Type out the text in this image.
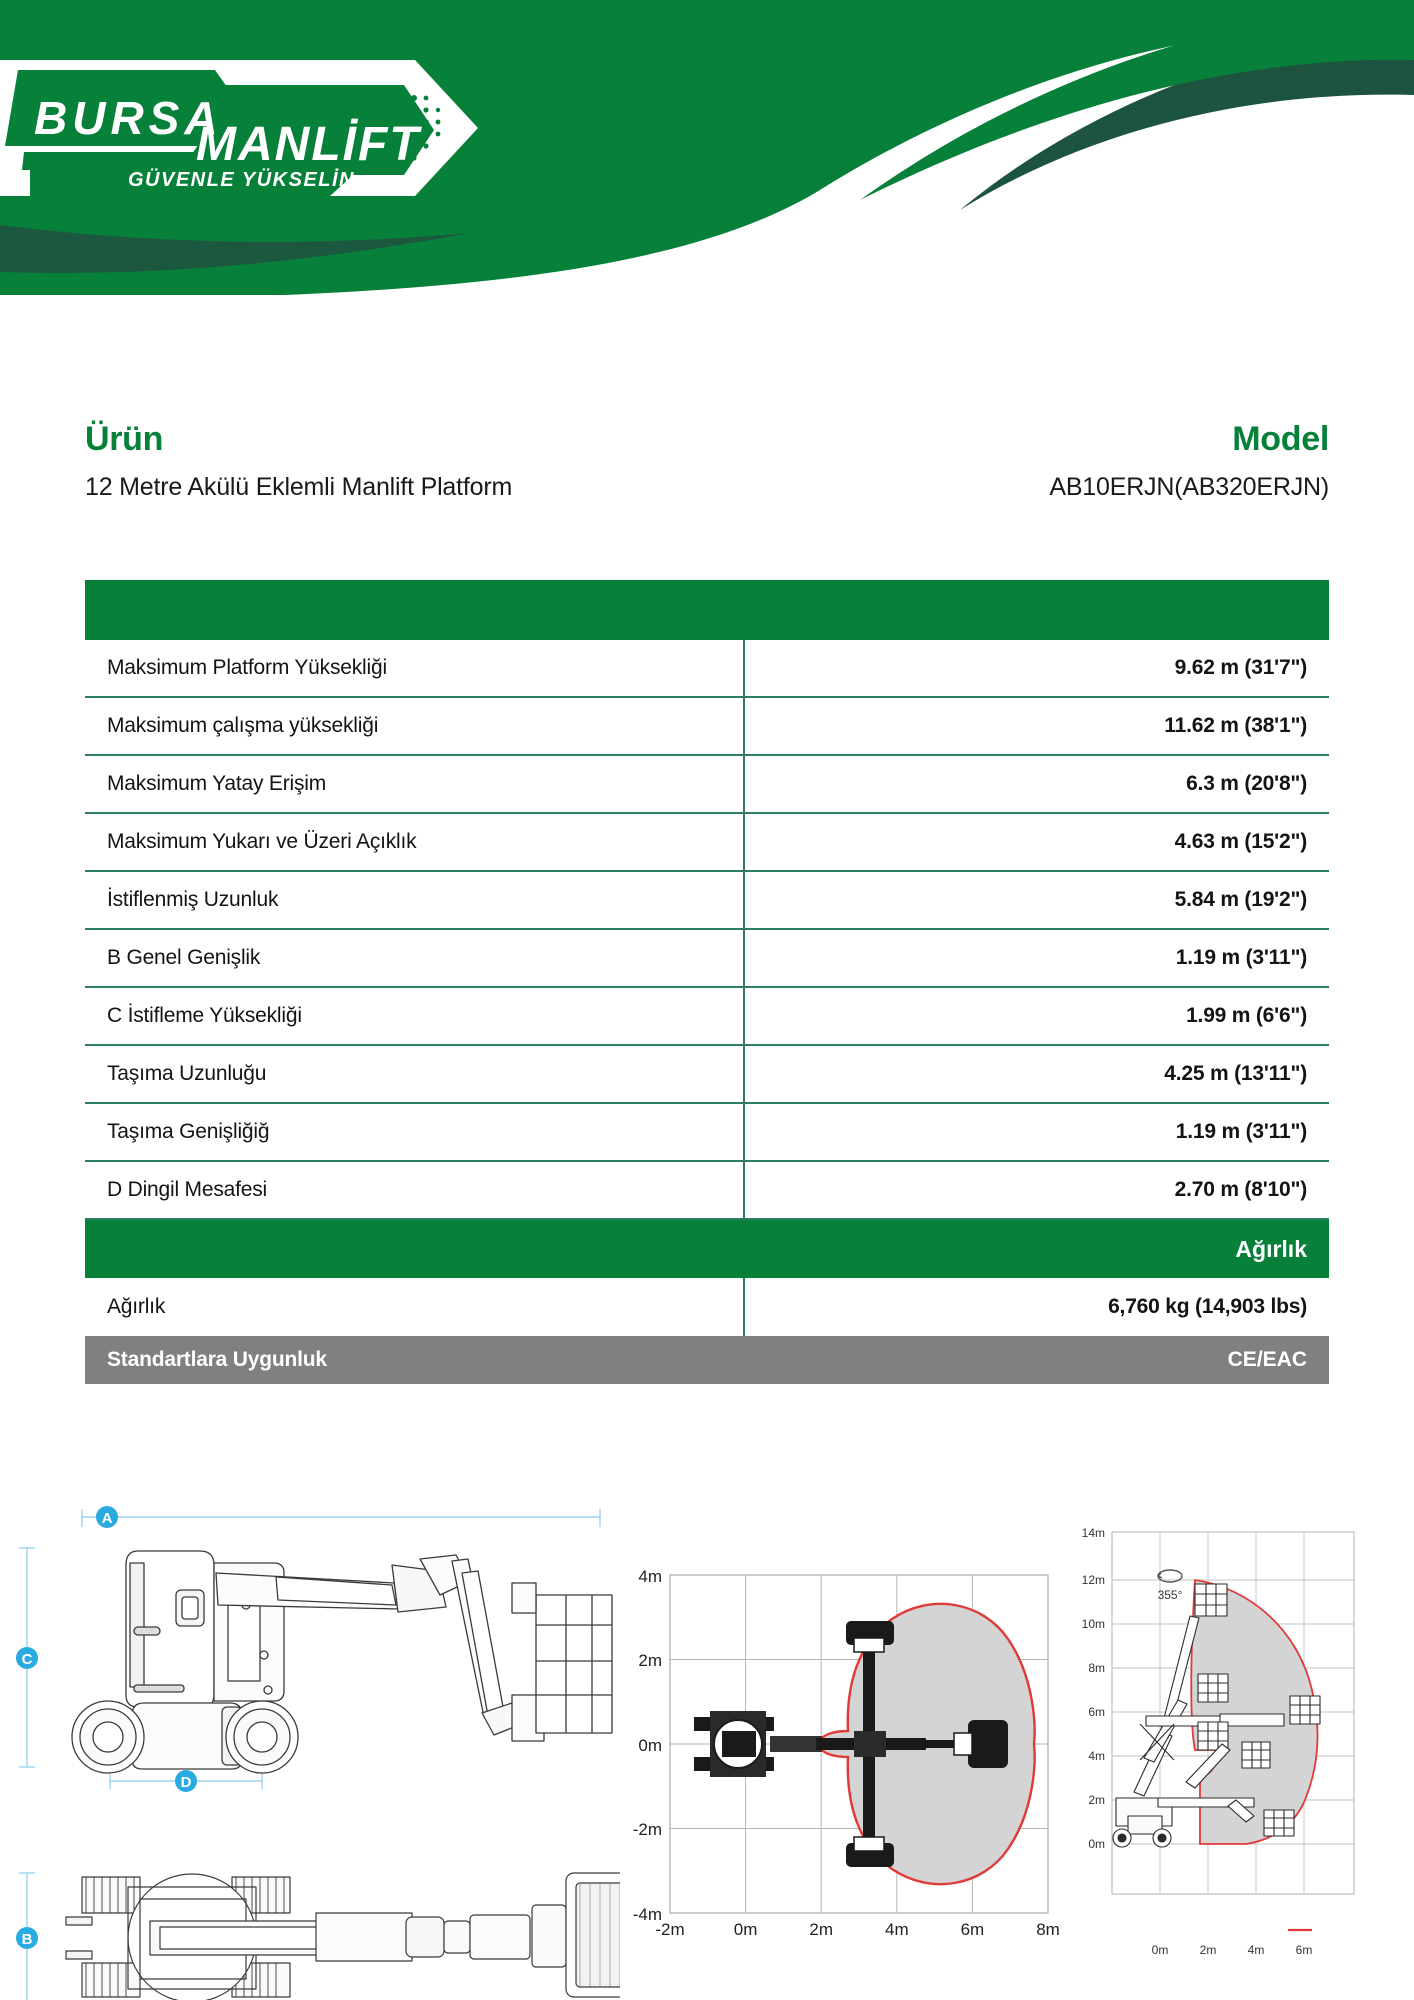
BURSA
MANLİFT
GÜVENLE YÜKSELİN
Ürün
12 Metre Akülü Eklemli Manlift Platform
Model
AB10ERJN(AB320ERJN)
Maksimum Platform Yüksekliği	9.62 m (31'7")
Maksimum çalışma yüksekliği	11.62 m (38'1")
Maksimum Yatay Erişim	6.3 m (20'8")
Maksimum Yukarı ve Üzeri Açıklık	4.63 m (15'2")
İstiflenmiş Uzunluk	5.84 m (19'2")
B Genel Genişlik	1.19 m (3'11")
C İstifleme Yüksekliği	1.99 m (6'6")
Taşıma Uzunluğu	4.25 m (13'11")
Taşıma Genişliğiğ	1.19 m (3'11")
D Dingil Mesafesi	2.70 m (8'10")
Ağırlık
Ağırlık	6,760 kg (14,903 lbs)
Standartlara Uygunluk	CE/EAC
A
C
D
B
4m
2m
0m
-2m
-4m
-2m	0m	2m	4m	6m	8m
355°
14m
12m
10m
8m
6m
4m
2m
0m
0m	2m	4m	6m
